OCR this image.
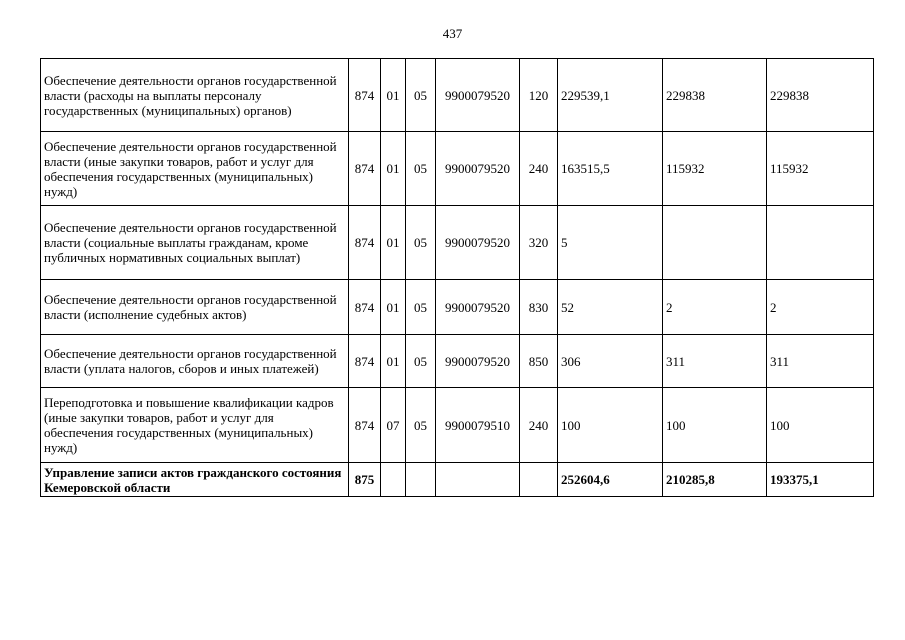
437
Обеспечение деятельности органов государственной власти (расходы на выплаты персоналу государственных (муниципальных) органов)	874	01	05	9900079520	120	229539,1	229838	229838
Обеспечение деятельности органов государственной власти (иные закупки товаров, работ и услуг для обеспечения государственных (муниципальных) нужд)	874	01	05	9900079520	240	163515,5	115932	115932
Обеспечение деятельности органов государственной власти (социальные выплаты гражданам, кроме публичных нормативных социальных выплат)	874	01	05	9900079520	320	5		
Обеспечение деятельности органов государственной власти (исполнение судебных актов)	874	01	05	9900079520	830	52	2	2
Обеспечение деятельности органов государственной власти (уплата налогов, сборов и иных платежей)	874	01	05	9900079520	850	306	311	311
Переподготовка и повышение квалификации кадров (иные закупки товаров, работ и услуг для обеспечения государственных (муниципальных) нужд)	874	07	05	9900079510	240	100	100	100
Управление записи актов гражданского состояния Кемеровской области	875					252604,6	210285,8	193375,1
